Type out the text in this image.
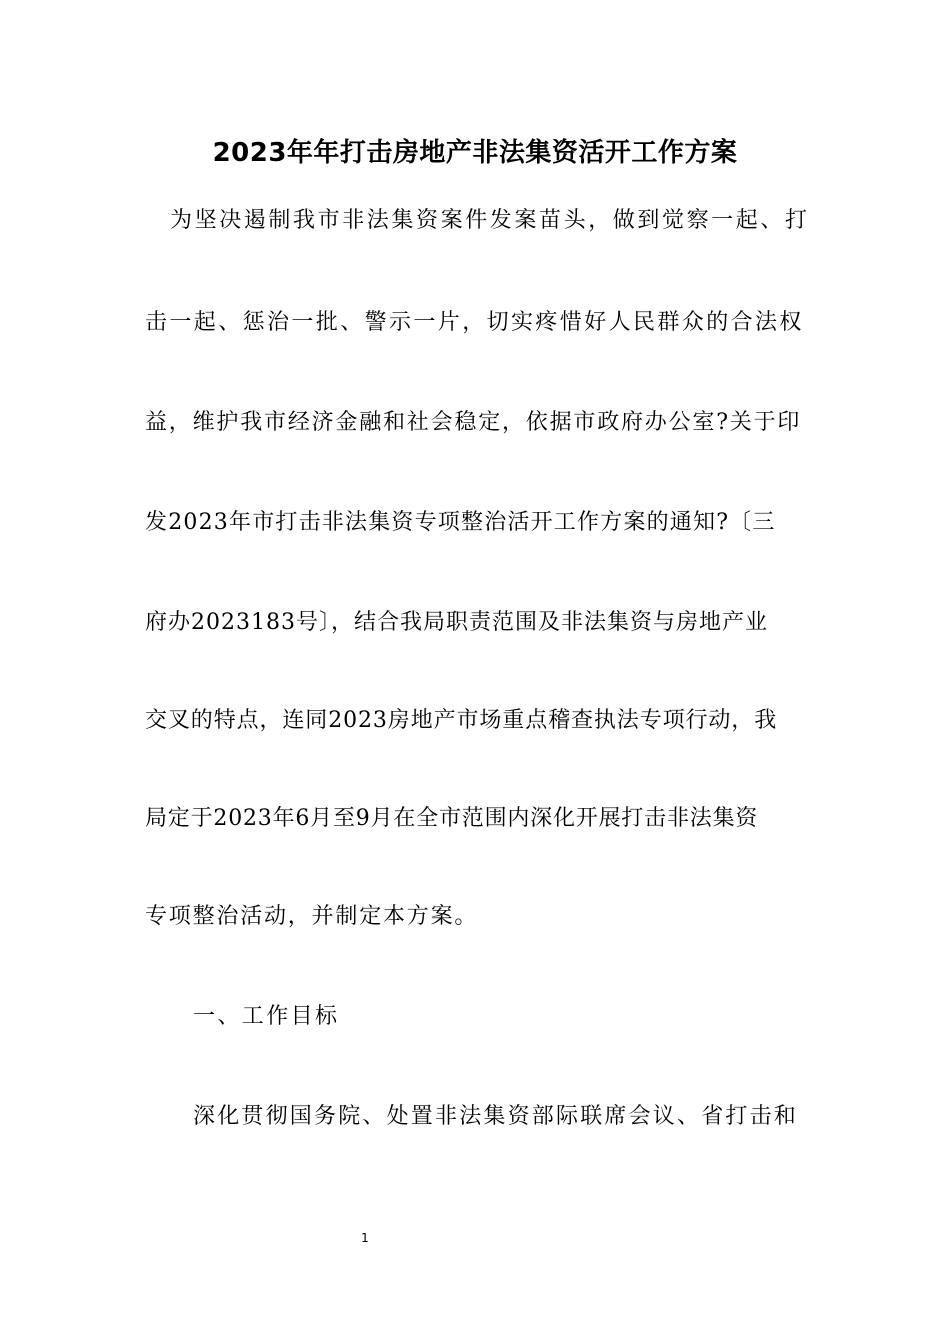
2023年年打击房地产非法集资活开工作方案
为坚决遏制我市非法集资案件发案苗头，做到觉察一起、打
击一起、惩治一批、警示一片，切实疼惜好人民群众的合法权
益，维护我市经济金融和社会稳定，依据市政府办公室?关于印
发2023年市打击非法集资专项整治活开工作方案的通知?〔三
府办2023183号〕，结合我局职责范围及非法集资与房地产业
交叉的特点，连同2023房地产市场重点稽查执法专项行动，我
局定于2023年6月至9月在全市范围内深化开展打击非法集资
专项整治活动，并制定本方案。
一、工作目标
深化贯彻国务院、处置非法集资部际联席会议、省打击和
1
